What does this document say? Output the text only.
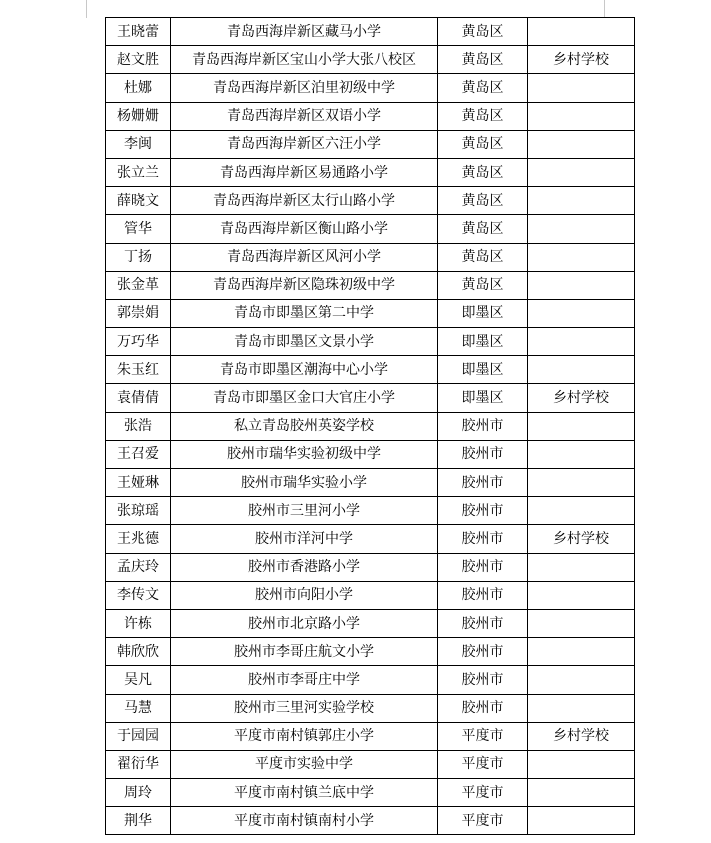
王晓蕾	青岛西海岸新区藏马小学	黄岛区	
赵文胜	青岛西海岸新区宝山小学大张八校区	黄岛区	乡村学校
杜娜	青岛西海岸新区泊里初级中学	黄岛区	
杨姗姗	青岛西海岸新区双语小学	黄岛区	
李闽	青岛西海岸新区六汪小学	黄岛区	
张立兰	青岛西海岸新区易通路小学	黄岛区	
薛晓文	青岛西海岸新区太行山路小学	黄岛区	
管华	青岛西海岸新区衡山路小学	黄岛区	
丁扬	青岛西海岸新区风河小学	黄岛区	
张金革	青岛西海岸新区隐珠初级中学	黄岛区	
郭崇娟	青岛市即墨区第二中学	即墨区	
万巧华	青岛市即墨区文景小学	即墨区	
朱玉红	青岛市即墨区潮海中心小学	即墨区	
袁倩倩	青岛市即墨区金口大官庄小学	即墨区	乡村学校
张浩	私立青岛胶州英姿学校	胶州市	
王召爱	胶州市瑞华实验初级中学	胶州市	
王娅琳	胶州市瑞华实验小学	胶州市	
张琼瑶	胶州市三里河小学	胶州市	
王兆德	胶州市洋河中学	胶州市	乡村学校
孟庆玲	胶州市香港路小学	胶州市	
李传文	胶州市向阳小学	胶州市	
许栋	胶州市北京路小学	胶州市	
韩欣欣	胶州市李哥庄航文小学	胶州市	
吴凡	胶州市李哥庄中学	胶州市	
马慧	胶州市三里河实验学校	胶州市	
于园园	平度市南村镇郭庄小学	平度市	乡村学校
翟衍华	平度市实验中学	平度市	
周玲	平度市南村镇兰底中学	平度市	
荆华	平度市南村镇南村小学	平度市	
